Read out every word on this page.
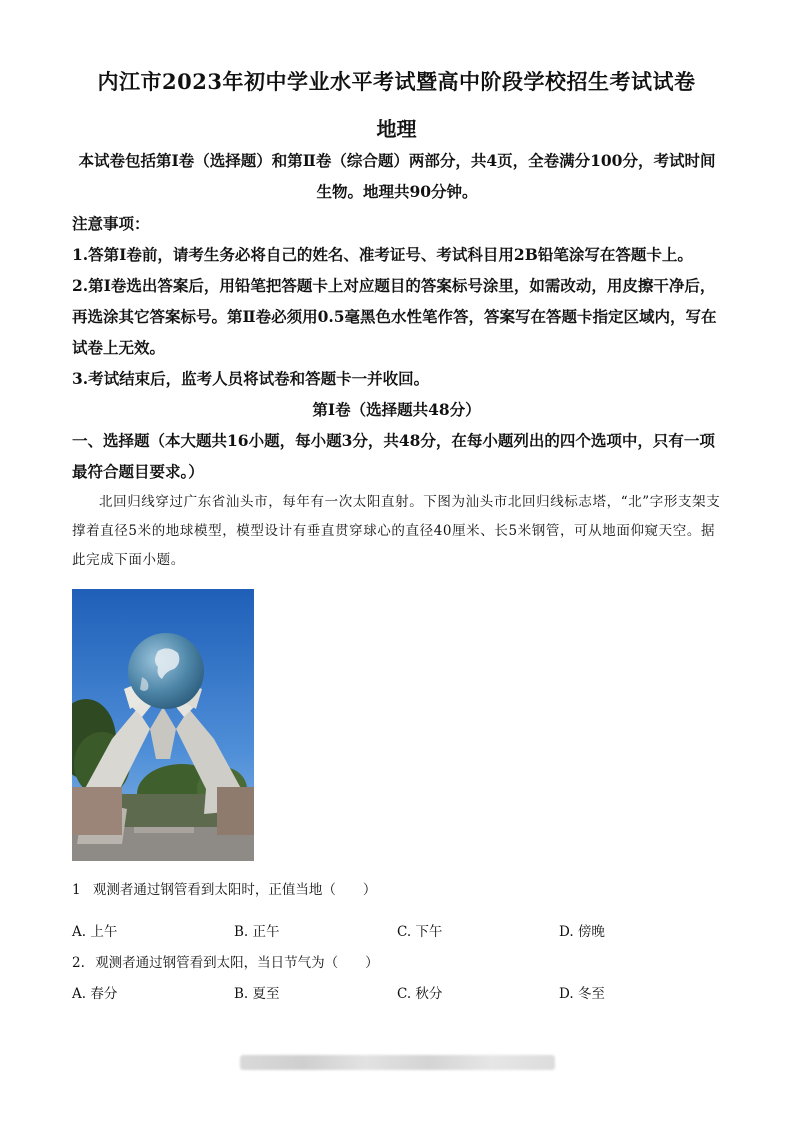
内江市2023年初中学业水平考试暨高中阶段学校招生考试试卷
地理
本试卷包括第Ⅰ卷（选择题）和第Ⅱ卷（综合题）两部分，共4页，全卷满分100分，考试时间生物。地理共90分钟。
注意事项：
1.答第Ⅰ卷前，请考生务必将自己的姓名、准考证号、考试科目用2B铅笔涂写在答题卡上。
2.第Ⅰ卷选出答案后，用铅笔把答题卡上对应题目的答案标号涂里，如需改动，用皮擦干净后，再选涂其它答案标号。第Ⅱ卷必须用0.5毫黑色水性笔作答，答案写在答题卡指定区域内，写在试卷上无效。
3.考试结束后，监考人员将试卷和答题卡一并收回。
第Ⅰ卷（选择题共48分）
一、选择题（本大题共16小题，每小题3分，共48分，在每小题列出的四个选项中，只有一项最符合题目要求。）
北回归线穿过广东省汕头市，每年有一次太阳直射。下图为汕头市北回归线标志塔，“北”字形支架支撑着直径5米的地球模型，模型设计有垂直贯穿球心的直径40厘米、长5米钢管，可从地面仰窥天空。据此完成下面小题。
1 观测者通过钢管看到太阳时，正值当地（　　）
A. 上午	B. 正午	C. 下午	D. 傍晚
2. 观测者通过钢管看到太阳，当日节气为（　　）
A. 春分	B. 夏至	C. 秋分	D. 冬至
